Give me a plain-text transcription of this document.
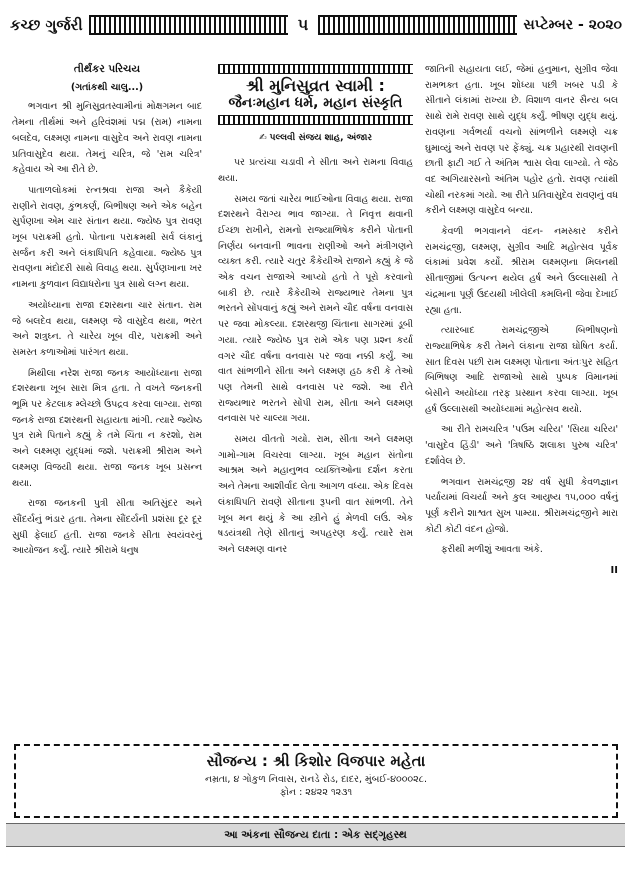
કચ્છ ગુર્જરી	૫	સપ્ટેમ્બર - ૨૦૨૦
તીર્થંકર પરિચય
(ગતાંકથી ચાલુ...)

ભગવાન શ્રી મુનિસુવ્રતસ્વામીનાં મોક્ષગમન બાદ તેમના તીર્થમાં અને હરિવંશમાં પદ્મ (રામ) નામના બલદેવ, લક્ષ્મણ નામના વાસુદેવ અને રાવણ નામના પ્રતિવાસુદેવ થયા. તેમનું ચરિત્ર, જે 'રામ ચરિત્ર' કહેવાય એ આ રીતે છે.

પાતાળલોકમાં રત્નશ્રવા રાજા અને કૈકેયી રાણીને રાવણ, કુંભકર્ણ, બિભીષણ અને એક બહેન સુર્પણખા એમ ચાર સંતાન થયા. જ્યેષ્ઠ પુત્ર રાવણ ખૂબ પરાક્રમી હતો. પોતાના પરાક્રમથી સર્વ લંકાનું સર્જન કરી અને લંકાધિપતિ કહેવાયા. જ્યેષ્ઠ પુત્ર રાવણના મંદોદરી સાથે વિવાહ થયા. સુર્પણખાના ખર નામના કુળવાન વિદ્યાધરોના પુત્ર સાથે લગ્ન થયા.

અયોધ્યાના રાજા દશરથના ચાર સંતાન. રામ જે બલદેવ થયા, લક્ષ્મણ જે વાસુદેવ થયા, ભરત અને શત્રુઘ્ન. તે ચારેય ખૂબ વીર, પરાક્રમી અને સમસ્ત કળાઓમાં પારંગત થયા.

મિથીલા નરેશ રાજા જનક આયોધ્યાના રાજા દશરથના ખૂબ સારા મિત્ર હતા. તે વખતે જનકની ભૂમિ પર કેટલાક મ્લેચ્છો ઉપદ્રવ કરવા લાગ્યા. રાજા જનકે રાજા દશરથની સહાયતા માંગી. ત્યારે જ્યેષ્ઠ પુત્ર રામે પિતાને કહ્યું કે તમે ચિંતા ન કરશો, રામ અને લક્ષ્મણ યુદ્ધમાં જશે. પરાક્રમી શ્રીરામ અને લક્ષ્મણ વિજયી થયા. રાજા જનક ખૂબ પ્રસન્ન થયા.

રાજા જનકની પુત્રી સીતા અતિસુંદર અને સૌંદર્યનું ભંડાર હતા. તેમના સૌંદર્યની પ્રશંસા દૂર દૂર સુધી ફેલાઈ હતી. રાજા જનકે સીતા સ્વયંવરનું આયોજન કર્યું. ત્યારે શ્રીરામે ધનુષ

શ્રી મુનિસુવ્રત સ્વામી :
જૈનઃમહાન ધર્મ, મહાન સંસ્કૃતિ
✍ પલ્લવી સંજય શાહ, અંજાર

પર પ્રત્યંચા ચડાવી ને સીતા અને રામના વિવાહ થયા.

સમય જતાં ચારેય ભાઈઓના વિવાહ થયા. રાજા દશરથને વૈરાગ્ય ભાવ જાગ્યા. તે નિવૃત્ત થવાની ઈચ્છા રાખીને, રામનો રાજ્યાભિષેક કરીને પોતાની નિર્ણય બનવાની ભાવના રાણીઓ અને મંત્રીગણને વ્યક્ત કરી. ત્યારે ચતુર કૈકેયીએ રાજાને કહ્યું કે જે એક વચન રાજાએ આપ્યો હતો તે પૂરો કરવાનો બાકી છે. ત્યારે કૈકેયીએ રાજ્યભાર તેમના પુત્ર ભરતને સોંપવાનું કહ્યું અને રામને ચૌદ વર્ષના વનવાસ પર જવા મોકલ્યા. દશરથજી ચિંતાના સાગરમાં ડૂબી ગયા. ત્યારે જ્યેષ્ઠ પુત્ર રામે એક પણ પ્રશ્ન કર્યા વગર ચૌદ વર્ષના વનવાસ પર જવા નક્કી કર્યું. આ વાત સાંભળીને સીતા અને લક્ષ્મણ હઠ કરી કે તેઓ પણ તેમની સાથે વનવાસ પર જશે. આ રીતે રાજ્યભાર ભરતને સોંપી રામ, સીતા અને લક્ષ્મણ વનવાસ પર ચાલ્યા ગયા.

સમય વીતતો ગયો. રામ, સીતા અને લક્ષ્મણ ગામો-ગામ વિચરવા લાગ્યા. ખૂબ મહાન સંતોના આશ્રમ અને મહાનુભવ વ્યક્તિઓના દર્શન કરતા અને તેમના આશીર્વાદ લેતા આગળ વધ્યા. એક દિવસ લંકાધિપતિ રાવણે સીતાના રૂપની વાત સાંભળી. તેને ખૂબ મન થયું કે આ સ્ત્રીને હું મેળવી લઉં. એક ષડયંત્રથી તેણે સીતાનું અપહરણ કર્યું. ત્યારે રામ અને લક્ષ્મણ વાનર

જાતિની સહાયતા લઈ, જેમાં હનુમાન, સુગ્રીવ જેવા રામભક્ત હતા. ખૂબ શોધ્યા પછી ખબર પડી કે સીતાને લંકામાં રાખ્યા છે. વિશાળ વાનર સૈન્ય બલ સાથે રામે રાવણ સાથે યુદ્ધ કર્યું. ભીષણ યુદ્ધ થયું. રાવણના ગર્વભર્યા વચનો સાંભળીને લક્ષ્મણે ચક્ર ઘુમાવ્યું અને રાવણ પર ફેંક્યું. ચક્ર પ્રહારથી રાવણની છાતી ફાટી ગઈ તે અંતિમ શ્વાસ લેવા લાગ્યો. તે જેઠ વદ અગિયારસનો અંતિમ પહોર હતો. રાવણ ત્યાંથી ચોથી નરકમાં ગયો. આ રીતે પ્રતિવાસુદેવ રાવણનું વધ કરીને લક્ષ્મણ વાસુદેવ બન્યા.

કેવળી ભગવાનને વંદન- નમસ્કાર કરીને રામચંદ્રજી, લક્ષ્મણ, સુગ્રીવ આદિ મહોત્સવ પૂર્વક લંકામાં પ્રવેશ કર્યો. શ્રીરામ લક્ષ્મણના મિલનથી સીતાજીમાં ઉત્પન્ન થયેલ હર્ષ અને ઉલ્લાસથી તે ચંદ્રમાના પૂર્ણ ઉદયથી ખીલેલી કમલિની જેવા દેખાઈ રહ્યા હતા.

ત્યારબાદ રામચંદ્રજીએ બિભીષણનો રાજ્યાભિષેક કરી તેમને લંકાના રાજા ઘોષિત કર્યા. સાત દિવસ પછી રામ લક્ષ્મણ પોતાના અંતઃપુર સહિત બિભિષણ આદિ રાજાઓ સાથે પુષ્પક વિમાનમાં બેસીને અયોધ્યા તરફ પ્રસ્થાન કરવા લાગ્યા. ખૂબ હર્ષ ઉલ્લાસથી અયોધ્યામાં મહોત્સવ થયો.

આ રીતે રામચરિત્ર 'પઉમ ચરિય' 'સિયા ચરિય' 'વાસુદેવ હિંડી' અને 'ત્રિષષ્ઠિ શલાકા પુરુષ ચરિત્ર' દર્શાવેલ છે.

ભગવાન રામચંદ્રજી ૨૪ વર્ષ સુધી કેવળજ્ઞાન પર્યાયમાં વિચર્યા અને કુલ આયુષ્ય ૧૫,૦૦૦ વર્ષનું પૂર્ણ કરીને શાશ્વત સુખ પામ્યા. શ્રીરામચંદ્રજીને મારા કોટી કોટી વંદન હોજો.

ફરીથી મળીશું આવતા અંકે.

II
સૌજન્ય : શ્રી કિશોર વિજપાર મહેતા
નમ્રતા, ૪ ગોકુળ નિવાસ, રાનડે રોડ, દાદર, મુંબઈ-૪૦૦૦૨૮.
ફોન : ૨૪૨૨ ૧૨૩૧
આ અંકના સૌજન્ય દાતા : એક સદ્ગૃહસ્થ
